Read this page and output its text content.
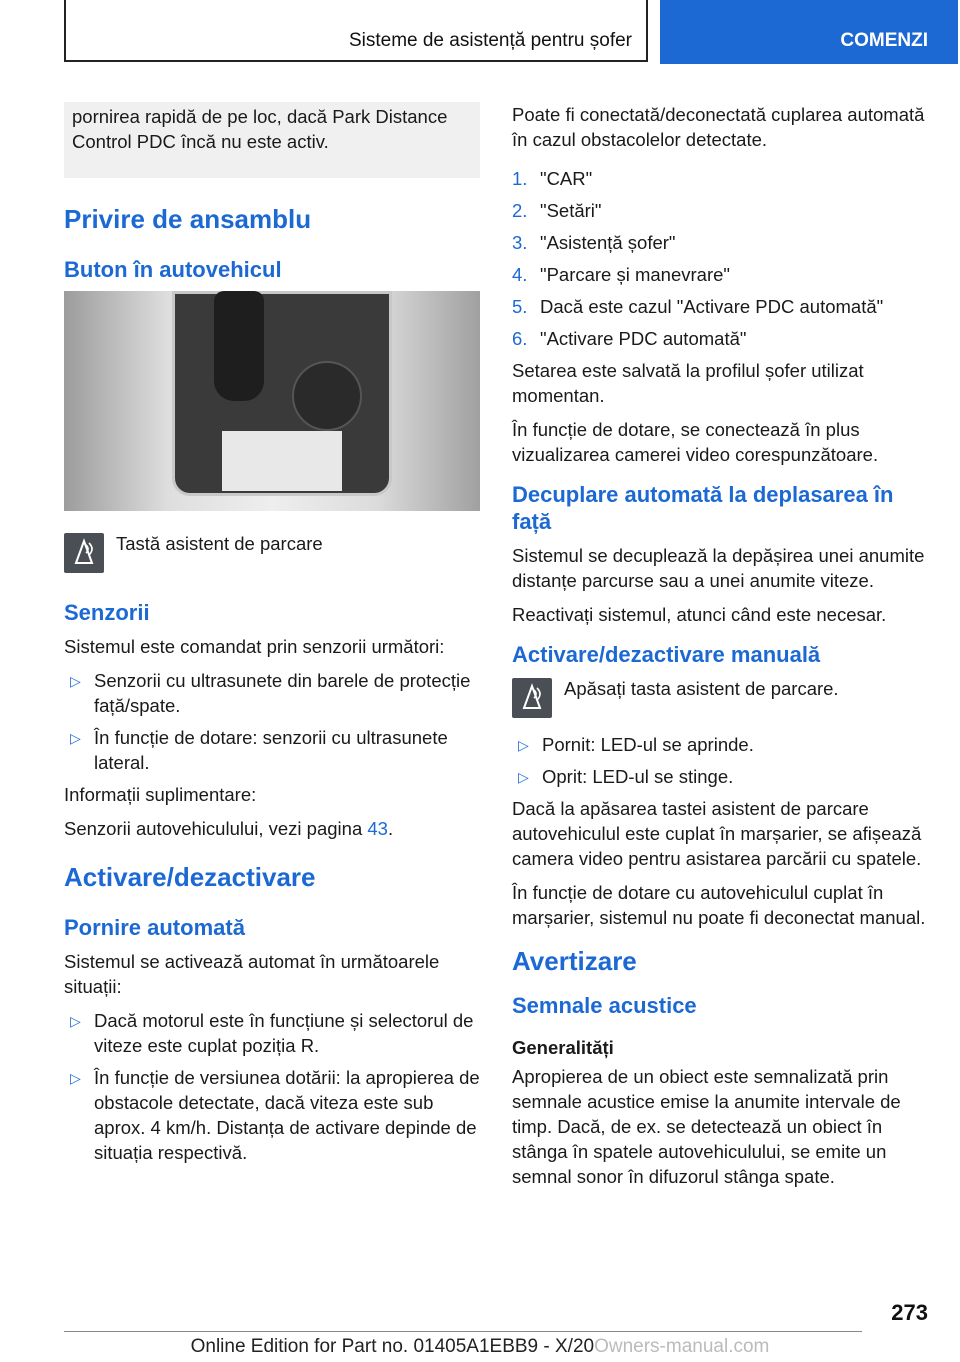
Sisteme de asistență pentru șofer	COMENZI
pornirea rapidă de pe loc, dacă Park Distance Control PDC încă nu este activ.
Privire de ansamblu
Buton în autovehicul

Tastă asistent de parcare

Senzorii

Sistemul este comandat prin senzorii următori:

▷ Senzorii cu ultrasunete din barele de protecție față/spate.
▷ În funcție de dotare: senzorii cu ultrasunete lateral.

Informații suplimentare:

Senzorii autovehiculului, vezi pagina 43.

Activare/dezactivare
Pornire automată

Sistemul se activează automat în următoarele situații:

▷ Dacă motorul este în funcțiune și selectorul de viteze este cuplat poziția R.
▷ În funcție de versiunea dotării: la apropierea de obstacole detectate, dacă viteza este sub aprox. 4 km/h. Distanța de activare depinde de situația respectivă.

Poate fi conectată/deconectată cuplarea automată în cazul obstacolelor detectate.

1. "CAR"
2. "Setări"
3. "Asistență șofer"
4. "Parcare și manevrare"
5. Dacă este cazul "Activare PDC automată"
6. "Activare PDC automată"

Setarea este salvată la profilul șofer utilizat momentan.

În funcție de dotare, se conectează în plus vizualizarea camerei video corespunzătoare.

Decuplare automată la deplasarea în față

Sistemul se decuplează la depășirea unei anumite distanțe parcurse sau a unei anumite viteze.

Reactivați sistemul, atunci când este necesar.

Activare/dezactivare manuală

Apăsați tasta asistent de parcare.

▷ Pornit: LED-ul se aprinde.
▷ Oprit: LED-ul se stinge.

Dacă la apăsarea tastei asistent de parcare autovehiculul este cuplat în marșarier, se afișează camera video pentru asistarea parcării cu spatele.

În funcție de dotare cu autovehiculul cuplat în marșarier, sistemul nu poate fi deconectat manual.

Avertizare
Semnale acustice
Generalități

Apropierea de un obiect este semnalizată prin semnale acustice emise la anumite intervale de timp. Dacă, de ex. se detectează un obiect în stânga în spatele autovehiculului, se emite un semnal sonor în difuzorul stânga spate.

273
Online Edition for Part no. 01405A1EBB9 - X/20Owners-manual.com
